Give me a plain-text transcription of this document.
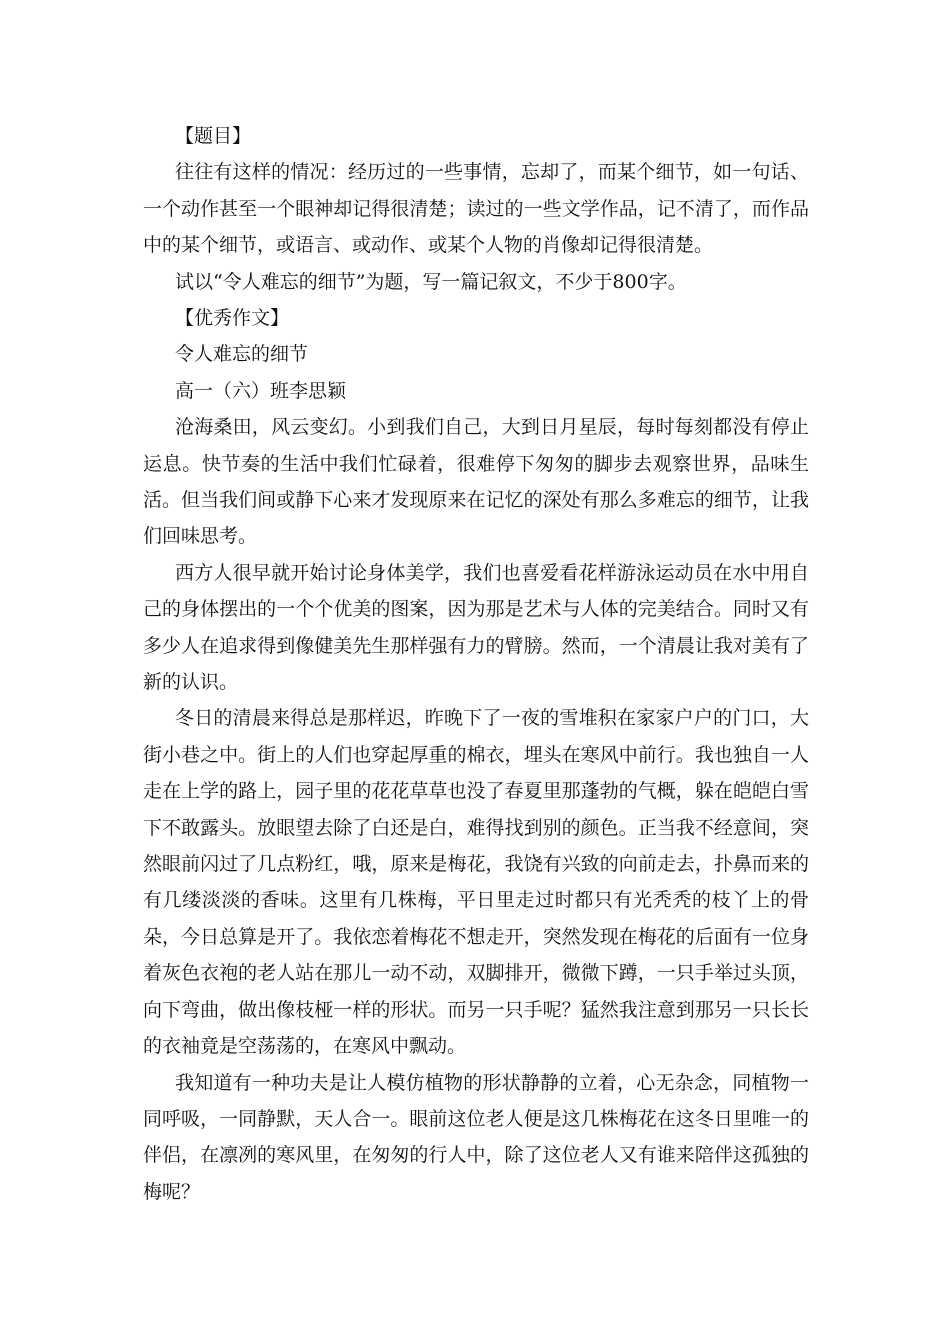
【题目】

往往有这样的情况：经历过的一些事情，忘却了，而某个细节，如一句话、一个动作甚至一个眼神却记得很清楚；读过的一些文学作品，记不清了，而作品中的某个细节，或语言、或动作、或某个人物的肖像却记得很清楚。

试以“令人难忘的细节”为题，写一篇记叙文，不少于800字。

【优秀作文】

令人难忘的细节

高一（六）班李思颖

沧海桑田，风云变幻。小到我们自己，大到日月星辰，每时每刻都没有停止运息。快节奏的生活中我们忙碌着，很难停下匆匆的脚步去观察世界，品味生活。但当我们间或静下心来才发现原来在记忆的深处有那么多难忘的细节，让我们回味思考。

西方人很早就开始讨论身体美学，我们也喜爱看花样游泳运动员在水中用自己的身体摆出的一个个优美的图案，因为那是艺术与人体的完美结合。同时又有多少人在追求得到像健美先生那样强有力的臂膀。然而，一个清晨让我对美有了新的认识。

冬日的清晨来得总是那样迟，昨晚下了一夜的雪堆积在家家户户的门口，大街小巷之中。街上的人们也穿起厚重的棉衣，埋头在寒风中前行。我也独自一人走在上学的路上，园子里的花花草草也没了春夏里那蓬勃的气概，躲在皑皑白雪下不敢露头。放眼望去除了白还是白，难得找到别的颜色。正当我不经意间，突然眼前闪过了几点粉红，哦，原来是梅花，我饶有兴致的向前走去，扑鼻而来的有几缕淡淡的香味。这里有几株梅，平日里走过时都只有光秃秃的枝丫上的骨朵，今日总算是开了。我依恋着梅花不想走开，突然发现在梅花的后面有一位身着灰色衣袍的老人站在那儿一动不动，双脚排开，微微下蹲，一只手举过头顶，向下弯曲，做出像枝桠一样的形状。而另一只手呢？猛然我注意到那另一只长长的衣袖竟是空荡荡的，在寒风中飘动。

我知道有一种功夫是让人模仿植物的形状静静的立着，心无杂念，同植物一同呼吸，一同静默，天人合一。眼前这位老人便是这几株梅花在这冬日里唯一的伴侣，在凛冽的寒风里，在匆匆的行人中，除了这位老人又有谁来陪伴这孤独的梅呢？
